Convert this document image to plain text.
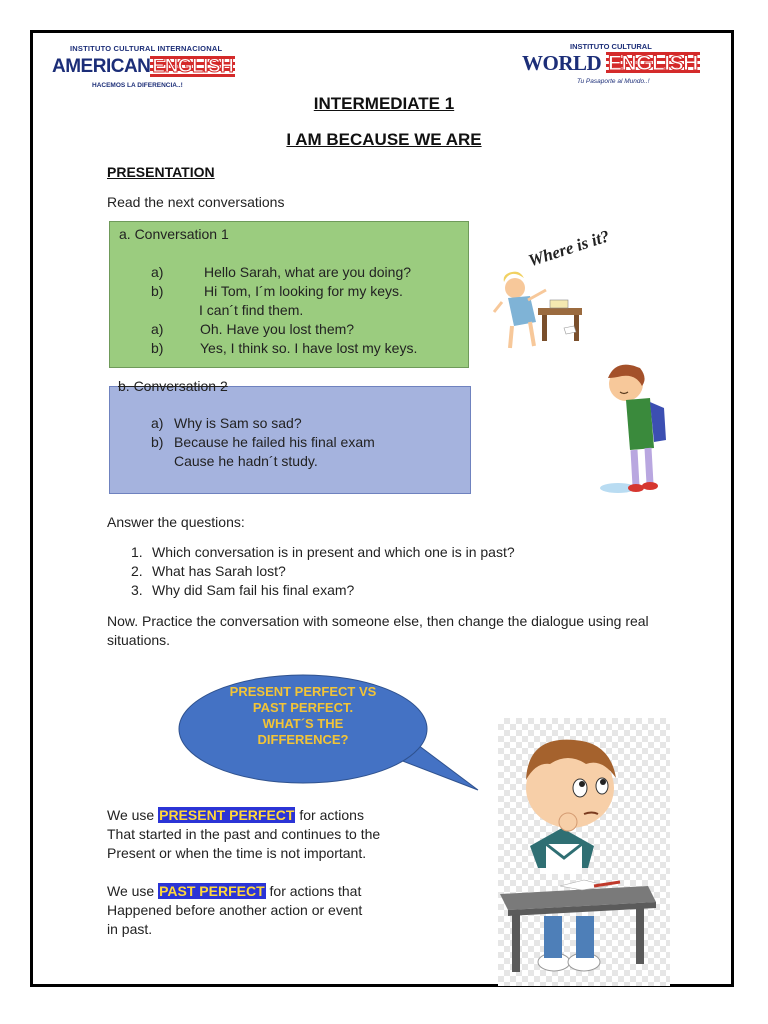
INSTITUTO CULTURAL INTERNACIONAL
AMERICAN ENGLISH
HACEMOS LA DIFERENCIA..!
INSTITUTO CULTURAL
WORLD ENGLISH
Tu Pasaporte al Mundo..!
INTERMEDIATE 1
I AM BECAUSE WE ARE
PRESENTATION
Read the next conversations
a. Conversation 1
a)	Hello Sarah, what are you doing?
b)	Hi Tom, I´m looking for my keys.
I can´t find them.
a)	Oh. Have you lost them?
b)	Yes, I think so. I have lost my keys.
a) Why is Sam so sad?
b) Because he failed his final exam
Cause he hadn´t study.
b. Conversation 2
Where is it?
Answer the questions:
1. Which conversation is in present and which one is in past?
2. What has Sarah lost?
3. Why did Sam fail his final exam?
Now. Practice the conversation with someone else, then change the dialogue using real situations.
PRESENT PERFECT VS
PAST PERFECT.
WHAT´S THE
DIFFERENCE?
We use PRESENT PERFECT for actions
That started in the past and continues to the
Present or when the time is not important.
We use PAST PERFECT for actions that
Happened before another action or event
in past.
